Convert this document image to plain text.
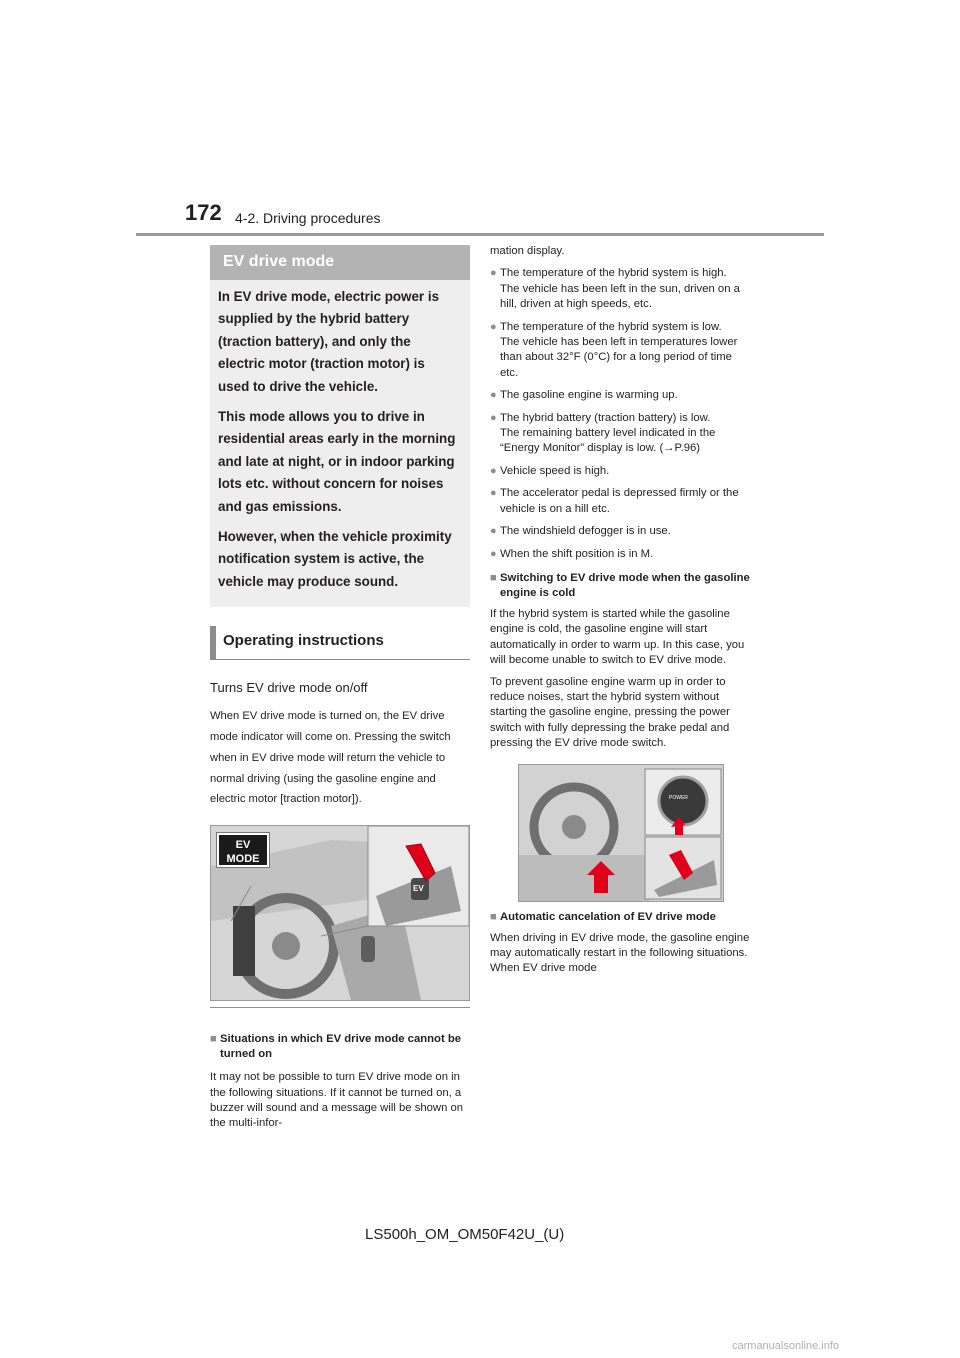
172 4-2. Driving procedures
EV drive mode

In EV drive mode, electric power is supplied by the hybrid battery (traction battery), and only the electric motor (traction motor) is used to drive the vehicle.

This mode allows you to drive in residential areas early in the morning and late at night, or in indoor parking lots etc. without concern for noises and gas emissions.

However, when the vehicle proximity notification system is active, the vehicle may produce sound.

Operating instructions

Turns EV drive mode on/off

When EV drive mode is turned on, the EV drive mode indicator will come on. Pressing the switch when in EV drive mode will return the vehicle to normal driving (using the gasoline engine and electric motor [traction motor]).

EV MODE
EV
■ Situations in which EV drive mode cannot be turned on

It may not be possible to turn EV drive mode on in the following situations. If it cannot be turned on, a buzzer will sound and a message will be shown on the multi-infor-

mation display.

● The temperature of the hybrid system is high.
The vehicle has been left in the sun, driven on a hill, driven at high speeds, etc.
● The temperature of the hybrid system is low.
The vehicle has been left in temperatures lower than about 32°F (0°C) for a long period of time etc.
● The gasoline engine is warming up.
● The hybrid battery (traction battery) is low.
The remaining battery level indicated in the “Energy Monitor” display is low. (→P.96)
● Vehicle speed is high.
● The accelerator pedal is depressed firmly or the vehicle is on a hill etc.
● The windshield defogger is in use.
● When the shift position is in M.
■ Switching to EV drive mode when the gasoline engine is cold

If the hybrid system is started while the gasoline engine is cold, the gasoline engine will start automatically in order to warm up. In this case, you will become unable to switch to EV drive mode.

To prevent gasoline engine warm up in order to reduce noises, start the hybrid system without starting the gasoline engine, pressing the power switch with fully depressing the brake pedal and pressing the EV drive mode switch.

POWER
■ Automatic cancelation of EV drive mode

When driving in EV drive mode, the gasoline engine may automatically restart in the following situations. When EV drive mode

LS500h_OM_OM50F42U_(U)
carmanualsonline.info
